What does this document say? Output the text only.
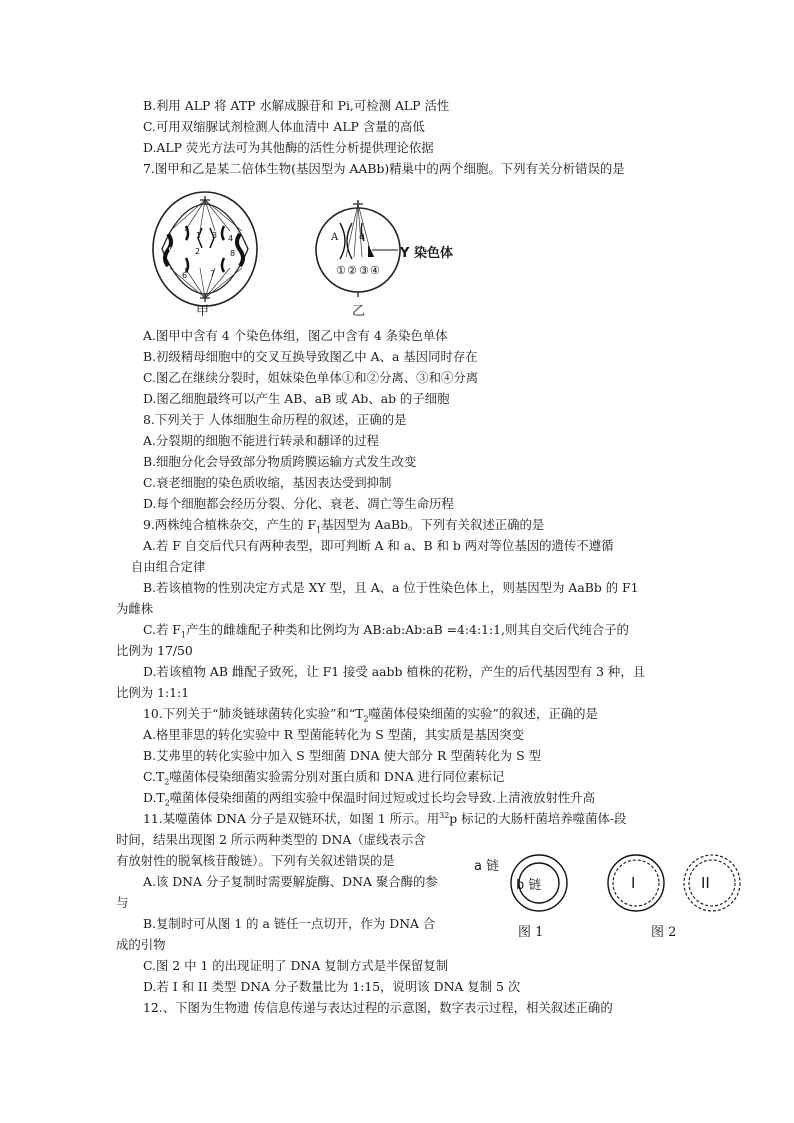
B.利用 ALP 将 ATP 水解成腺苷和 Pi,可检测 ALP 活性
C.可用双缩脲试剂检测人体血清中 ALP 含量的高低
D.ALP 荧光方法可为其他酶的活性分析提供理论依据
7.图甲和乙是某二倍体生物(基因型为 AABb)精巢中的两个细胞。下列有关分析错误的是
5
1
2
3 4
6	7
8
甲
A a
① ② ③ ④
Y 染色体
乙
A.图甲中含有 4 个染色体组，图乙中含有 4 条染色单体
B.初级精母细胞中的交叉互换导致图乙中 A、a 基因同时存在
C.图乙在继续分裂时，姐妹染色单体①和②分离、③和④分离
D.图乙细胞最终可以产生 AB、aB 或 Ab、ab 的子细胞
8.下列关于 人体细胞生命历程的叙述，正确的是
A.分裂期的细胞不能进行转录和翻译的过程
B.细胞分化会导致部分物质跨膜运输方式发生改变
C.衰老细胞的染色质收缩，基因表达受到抑制
D.每个细胞都会经历分裂、分化、衰老、凋亡等生命历程
9.两株纯合植株杂交，产生的 $F_1$基因型为 AaBb。下列有关叙述正确的是
A.若 F 自交后代只有两种表型，即可判断 A 和 a、B 和 b 两对等位基因的遗传不遵循
自由组合定律
B.若该植物的性别决定方式是 XY 型，且 A、a 位于性染色体上，则基因型为 AaBb 的 F1
为雌株
C.若 $F_1$产生的雌雄配子种类和比例均为 AB:ab:Ab:aB =4:4:1:1,则其自交后代纯合子的
比例为 17/50
D.若该植物 AB 雌配子致死，让 F1 接受 aabb 植株的花粉，产生的后代基因型有 3 种，且
比例为 1:1:1
10.下列关于“肺炎链球菌转化实验”和“$T_2$噬菌体侵染细菌的实验”的叙述，正确的是
A.格里菲思的转化实验中 R 型菌能转化为 S 型菌，其实质是基因突变
B.艾弗里的转化实验中加入 S 型细菌 DNA 使大部分 R 型菌转化为 S 型
$C.T_2$噬菌体侵染细菌实验需分别对蛋白质和 DNA 进行同位素标记
$D.T_2$噬菌体侵染细菌的两组实验中保温时间过短或过长均会导致.上清液放射性升高
11.某噬菌体 DNA 分子是双链环状，如图 1 所示。用$^{32}$p 标记的大肠杆菌培养噬菌体-段
时间，结果出现图 2 所示两种类型的 DNA（虚线表示含
有放射性的脱氧核苷酸链）。下列有关叙述错误的是
A.该 DNA 分子复制时需要解旋酶、DNA 聚合酶的参
与
B.复制时可从图 1 的 a 链任一点切开，作为 DNA 合
成的引物
C.图 2 中 1 的出现证明了 DNA 复制方式是半保留复制
D.若 I 和 II 类型 DNA 分子数量比为 1:15，说明该 DNA 复制 5 次
a 链
b 链
图 1
I	II
图 2
12.、下图为生物遗 传信息传递与表达过程的示意图，数字表示过程，相关叙述正确的
